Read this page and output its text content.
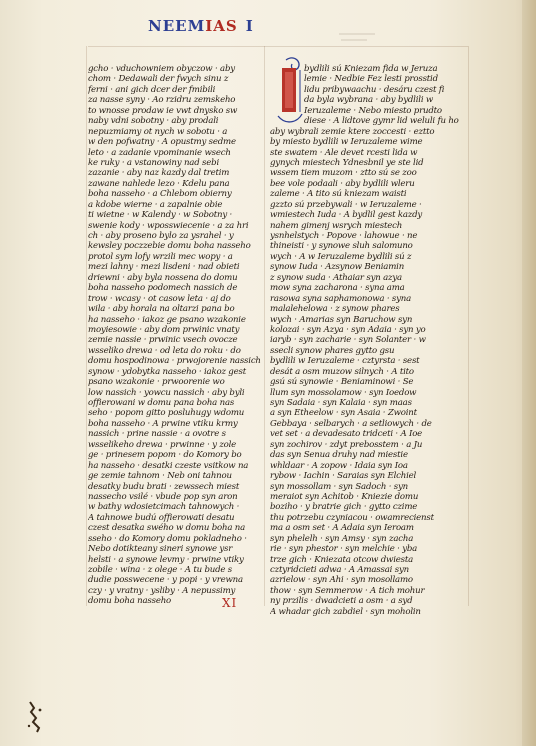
NEEMIAS I
gcho · vduchowniem obyczow · aby
chom · Dedawali der fwych sinu z
ferni · ani gich dcer der fmibili
za nasse syny · Ao rzidru zemskeho
to wnosse prodaw ie vwt dnysko sw
naby vdni sobotny · aby prodali
nepuzmiamy ot nych w sobotu · a
w den pofwatny · A opustmy sedme
leto · a zadanie vpominanie wsech
ke ruky · a vstanowiny nad sebi
zazanie · aby naz kazdy dal tretim
zawane nahlede lezo · Kdelu pana
boha nasseho · a Chlebom obierny
a kdobe wierne · a zapalnie obie
ti wietne · w Kalendy · w Sobotny ·
swenie kody · wposswiecenie · a za hri
ch · aby proseno bylo za ysrahel · y
kewsley poczzebie domu boha nasseho
protol sym lofy wrzili mec wopy · a
mezi lahny · mezi lisdeni · nad obieti
driewni · aby byla nossena do domu
boha nasseho podomech nassich de
trow · wcasy · ot casow leta · aj do
wila · aby horala na oltarzi pana bo
ha nasseho · iakoz ge psano wzakonie
moyiesowie · aby dom prwinic vnaty
zemie nassie · prwinic vsech ovocze
wsseliko drewa · od leta do roku · do
domu hospodinowa · prwojorenie nassich
synow · ydobytka nasseho · iakoz gest
psano wzakonie · prwoorenie wo
low nassich · yowcu nassich · aby byli
offierowani w domu pana boha nas
seho · popom gitto posluhugy wdomu
boha nasseho · A prwine vtiku krmy
nassich · prine nassie · a ovotre s
wsselikeho drewa · prwinne · y zole
ge · prinesem popom · do Komory bo
ha nasseho · desatki czeste vsitkow na
ge zemie tahnom · Neb oni tahnou
desatky budu brati · zewssech miest
nassecho vsilé · vbude pop syn aron
w bathy wdosietcimach tahnowych ·
A tahnowe budú offierowati desatu
czest desatka swého w domu boha na
sseho · do Komory domu pokladneho ·
Nebo dotikteany sineri synowe ysr
helsti · a synowe levmy · prwine vtiky
zobile · wina · z olege · A tu bude s
dudie posswecene · y popi · y vrewna
czy · y vratny · ysliby · A nepussimy
domu boha nasseho
bydlili sú Kniezam fida w Jeruza
lemie · Nedbie Fez lesti prosstid
lidu pribywaachu · desáru czest fi
da byla wybrana · aby bydlili w
Ieruzaleme · Nebo miesto prudto
diese · A lidtove gymr lid weluli fu ho
aby wybrali zemie ktere zoccesti · eztto
by miesto bydlili w Ieruzaleme wime
ste swatem · Ale devet rcesti lida w
gynych miestech Ydnesbnil ye ste lid
wssem tiem muzom · ztto sú se zoo
bee vole podaali · aby bydlili wleru
zaleme · A tito sú kniezam waisti
gzzto sú przebywali · w Ieruzaleme ·
wmiestech Iuda · A bydlil gest kazdy
nahem gimenj wsrych miestech
ysnhelstych · Popove · lahowue · ne
thineisti · y synowe sluh salomuno
wych · A w Ieruzaleme bydlili sú z
synow Iuda · Azsynow Beniamin
z synow suda · Athaiar syn azya
mow syna zacharona · syna ama
rasowa syna saphamonowa · syna
malalehelowa · z synow phares
wych · Amarias syn Baruchow syn
kolozai · syn Azya · syn Adaia · syn yo
iaryb · syn zacharie · syn Solanter · w
ssecli synow phares gytto gsu
bydlili w Ieruzaleme · cztyrsta · sest
desát a osm muzow silnych · A tito
gsú sú synowie · Beniaminowi · Se
llum syn mossolamow · syn Ioedow
syn Sadaia · syn Kalaia · syn maas
a syn Etheelow · syn Asaia · Zwoint
Gebbaya · selbarych · a setliowych · de
vet set · a devadesato tridceti · A Ioe
syn zochirov · zdyt prebosstem · a Ju
das syn Senua druhy nad miestie
whldaar · A zopow · Idaia syn Ioa
rybow · Iachin · Saraias syn Elchiel
syn mossollam · syn Sadoch · syn
meraiot syn Achitob · Kniezie domu
boziho · y bratrie gich · gytto czime
thu potrzebu czyniacou · owamrecienst
ma a osm set · A Adaia syn Ieroam
syn phelelh · syn Amsy · syn zacha
rie · syn phestor · syn melchie · yba
trze gich · Kniezata otcow dwiesta
cztyridcieti adwa · A Amassai syn
azrielow · syn Ahi · syn mosollamo
thow · syn Semmerow · A tich mohur
ny przilis · dwadcieti a osm · a syd
A whadar gich zabdiel · syn moholin
XI
